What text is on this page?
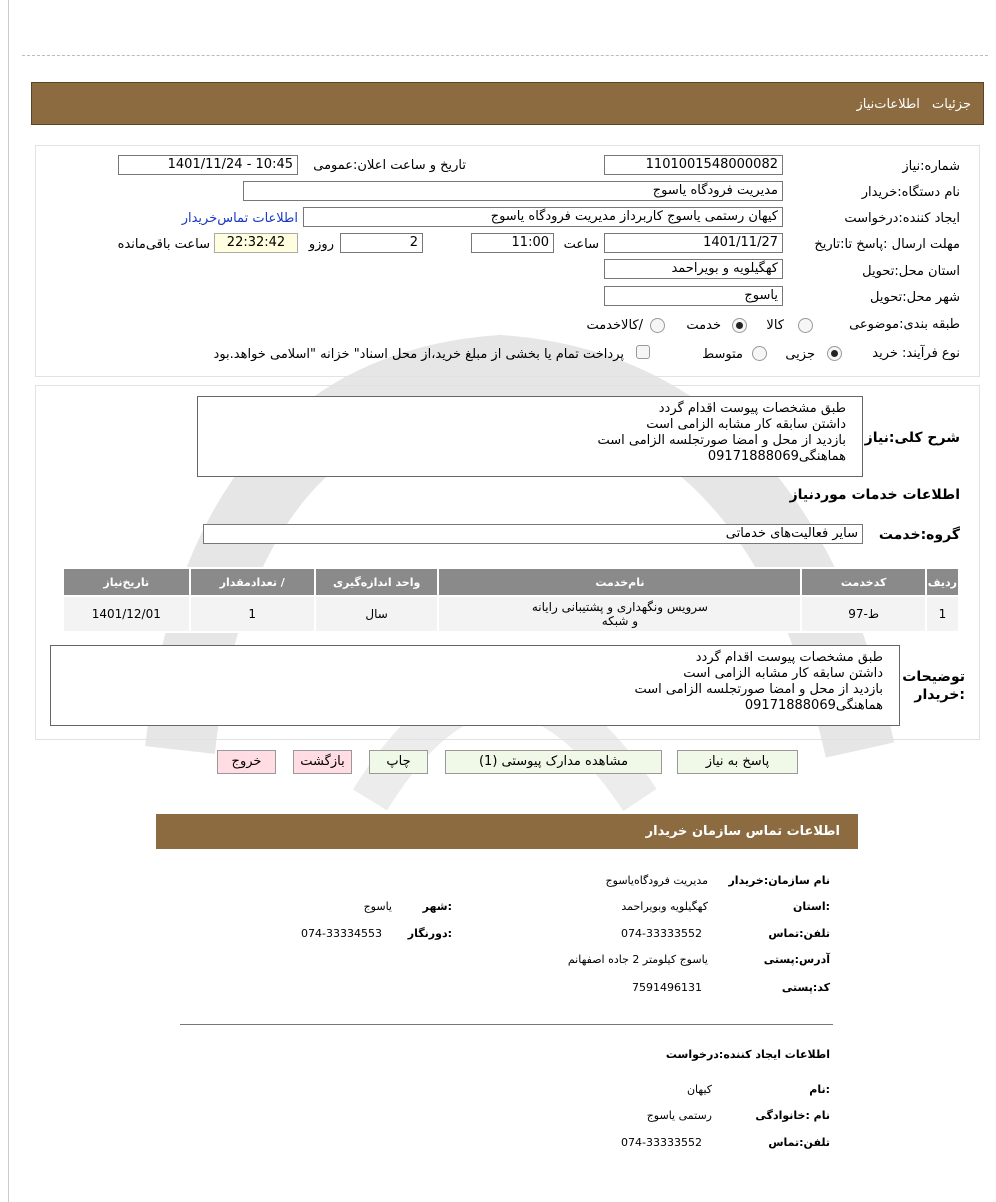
جزئیات اطلاعات‌نیاز
شماره:نیاز
1101001548000082
تاریخ و ساعت اعلان:عمومی
1401/11/24 - 10:45
نام دستگاه:خریدار
مدیریت فرودگاه یاسوج
ایجاد کننده:درخواست
کیهان رستمی یاسوج کاربرداز مدیریت فرودگاه یاسوج
اطلاعات تماس‌خریدار
مهلت ارسال :پاسخ تا:تاریخ
1401/11/27
ساعت
11:00
2
روزو
22:32:42
ساعت باقی‌مانده
استان محل:تحویل
کهگیلویه و بویراحمد
شهر محل:تحویل
یاسوج
طبقه بندی:موضوعی
کالا
خدمت
/کالاخدمت
نوع فرآیند: خرید
جزیی
متوسط
پرداخت تمام یا بخشی از مبلغ خرید،از محل اسناد" خزانه "اسلامی خواهد.بود
شرح کلی:نیاز
طبق مشخصات پیوست اقدام گردد
داشتن سابقه کار مشابه الزامی است
بازدید از محل و امضا صورتجلسه الزامی است
هماهنگی09171888069
اطلاعات خدمات موردنیاز
گروه:خدمت
سایر فعالیت‌های خدماتی
ردیف	کدخدمت	نام‌خدمت	واحد اندازه‌گیری	/ تعدادمقدار	تاریخ‌نیاز
1	ط-97	سرویس ونگهداری و پشتیبانی رایانه
و شبکه	سال	1	1401/12/01
توضیحات
:خریدار
طبق مشخصات پیوست اقدام گردد
داشتن سابقه کار مشابه الزامی است
بازدید از محل و امضا صورتجلسه الزامی است
هماهنگی09171888069
پاسخ به نیاز
مشاهده مدارک پیوستی (1)
چاپ
بازگشت
خروج
اطلاعات تماس سازمان خریدار
نام سازمان:خریدار
مدیریت فرودگاه‌یاسوج
:استان
کهگیلویه وبویراحمد
:شهر
یاسوج
تلفن:تماس
074-33333552
:دورنگار
074-33334553
آدرس:پستی
یاسوج کیلومتر 2 جاده اصفهانم
کد:پستی
7591496131
اطلاعات ایجاد کننده:درخواست
:نام
کیهان
نام :خانوادگی
رستمی یاسوج
تلفن:تماس
074-33333552
